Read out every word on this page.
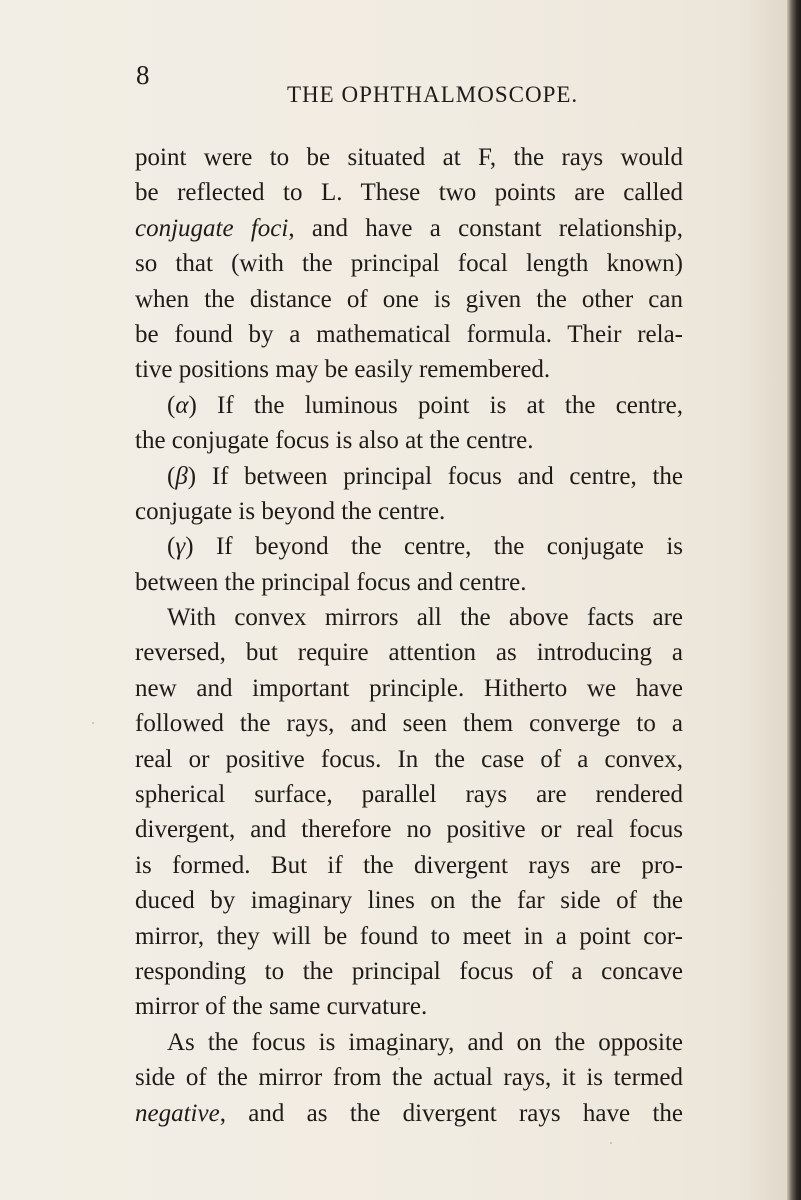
8
THE OPHTHALMOSCOPE.
point were to be situated at F, the rays would
be reflected to L. These two points are called
conjugate foci, and have a constant relationship,
so that (with the principal focal length known)
when the distance of one is given the other can
be found by a mathematical formula. Their rela-
tive positions may be easily remembered.
(α) If the luminous point is at the centre,
the conjugate focus is also at the centre.
(β) If between principal focus and centre, the
conjugate is beyond the centre.
(γ) If beyond the centre, the conjugate is
between the principal focus and centre.
With convex mirrors all the above facts are
reversed, but require attention as introducing a
new and important principle. Hitherto we have
followed the rays, and seen them converge to a
real or positive focus. In the case of a convex,
spherical surface, parallel rays are rendered
divergent, and therefore no positive or real focus
is formed. But if the divergent rays are pro-
duced by imaginary lines on the far side of the
mirror, they will be found to meet in a point cor-
responding to the principal focus of a concave
mirror of the same curvature.
As the focus is imaginary, and on the opposite
side of the mirror from the actual rays, it is termed
negative, and as the divergent rays have the
